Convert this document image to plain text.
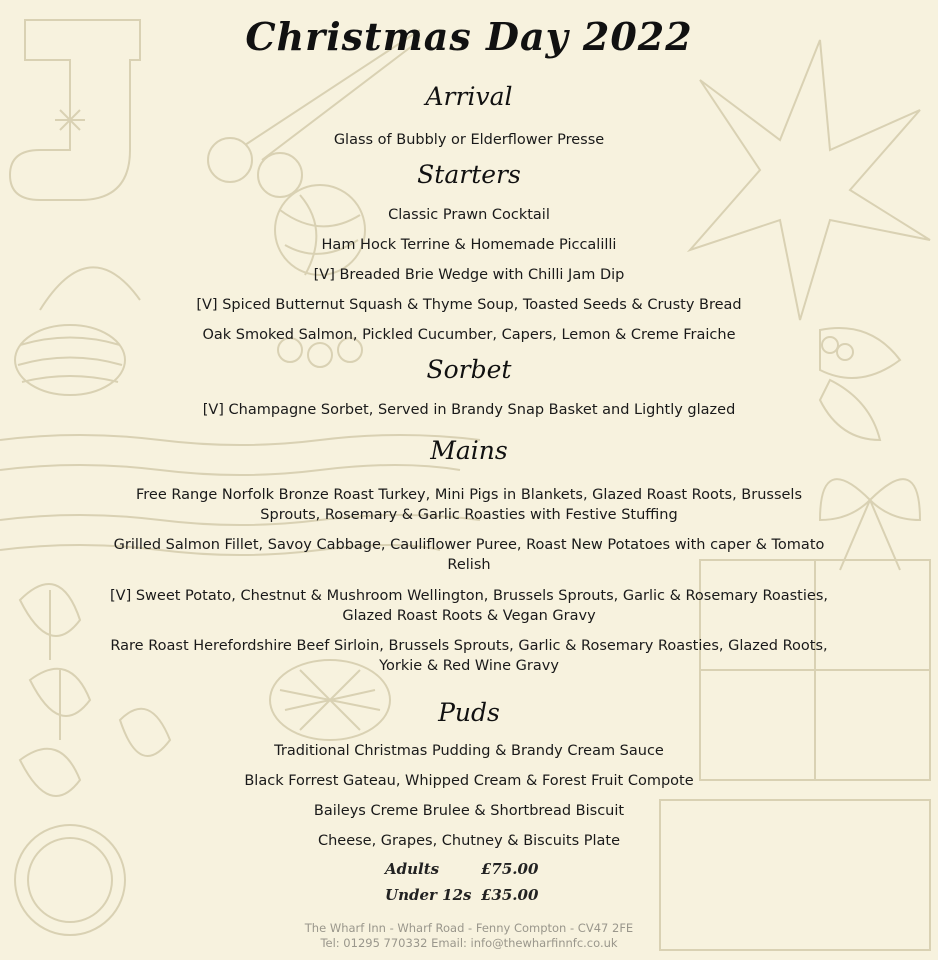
Christmas Day 2022
Arrival
Glass of Bubbly or Elderflower Presse
Starters
Classic Prawn Cocktail
Ham Hock Terrine & Homemade Piccalilli
[V] Breaded Brie Wedge with Chilli Jam Dip
[V] Spiced Butternut Squash & Thyme Soup, Toasted Seeds & Crusty Bread
Oak Smoked Salmon, Pickled Cucumber, Capers, Lemon & Creme Fraiche
Sorbet
[V] Champagne Sorbet, Served in Brandy Snap Basket and Lightly glazed
Mains
Free Range Norfolk Bronze Roast Turkey, Mini Pigs in Blankets, Glazed Roast Roots, Brussels Sprouts, Rosemary & Garlic Roasties with Festive Stuffing
Grilled Salmon Fillet, Savoy Cabbage, Cauliflower Puree, Roast New Potatoes with caper & Tomato Relish
[V] Sweet Potato, Chestnut & Mushroom Wellington, Brussels Sprouts, Garlic & Rosemary Roasties, Glazed Roast Roots & Vegan Gravy
Rare Roast Herefordshire Beef Sirloin, Brussels Sprouts, Garlic & Rosemary Roasties, Glazed Roots, Yorkie & Red Wine Gravy
Puds
Traditional Christmas Pudding & Brandy Cream Sauce
Black Forrest Gateau, Whipped Cream & Forest Fruit Compote
Baileys Creme Brulee & Shortbread Biscuit
Cheese, Grapes, Chutney & Biscuits Plate
Adults	£75.00
Under 12s £35.00
The Wharf Inn - Wharf Road - Fenny Compton - CV47 2FE
Tel: 01295 770332 Email: info@thewharfinnfc.co.uk
